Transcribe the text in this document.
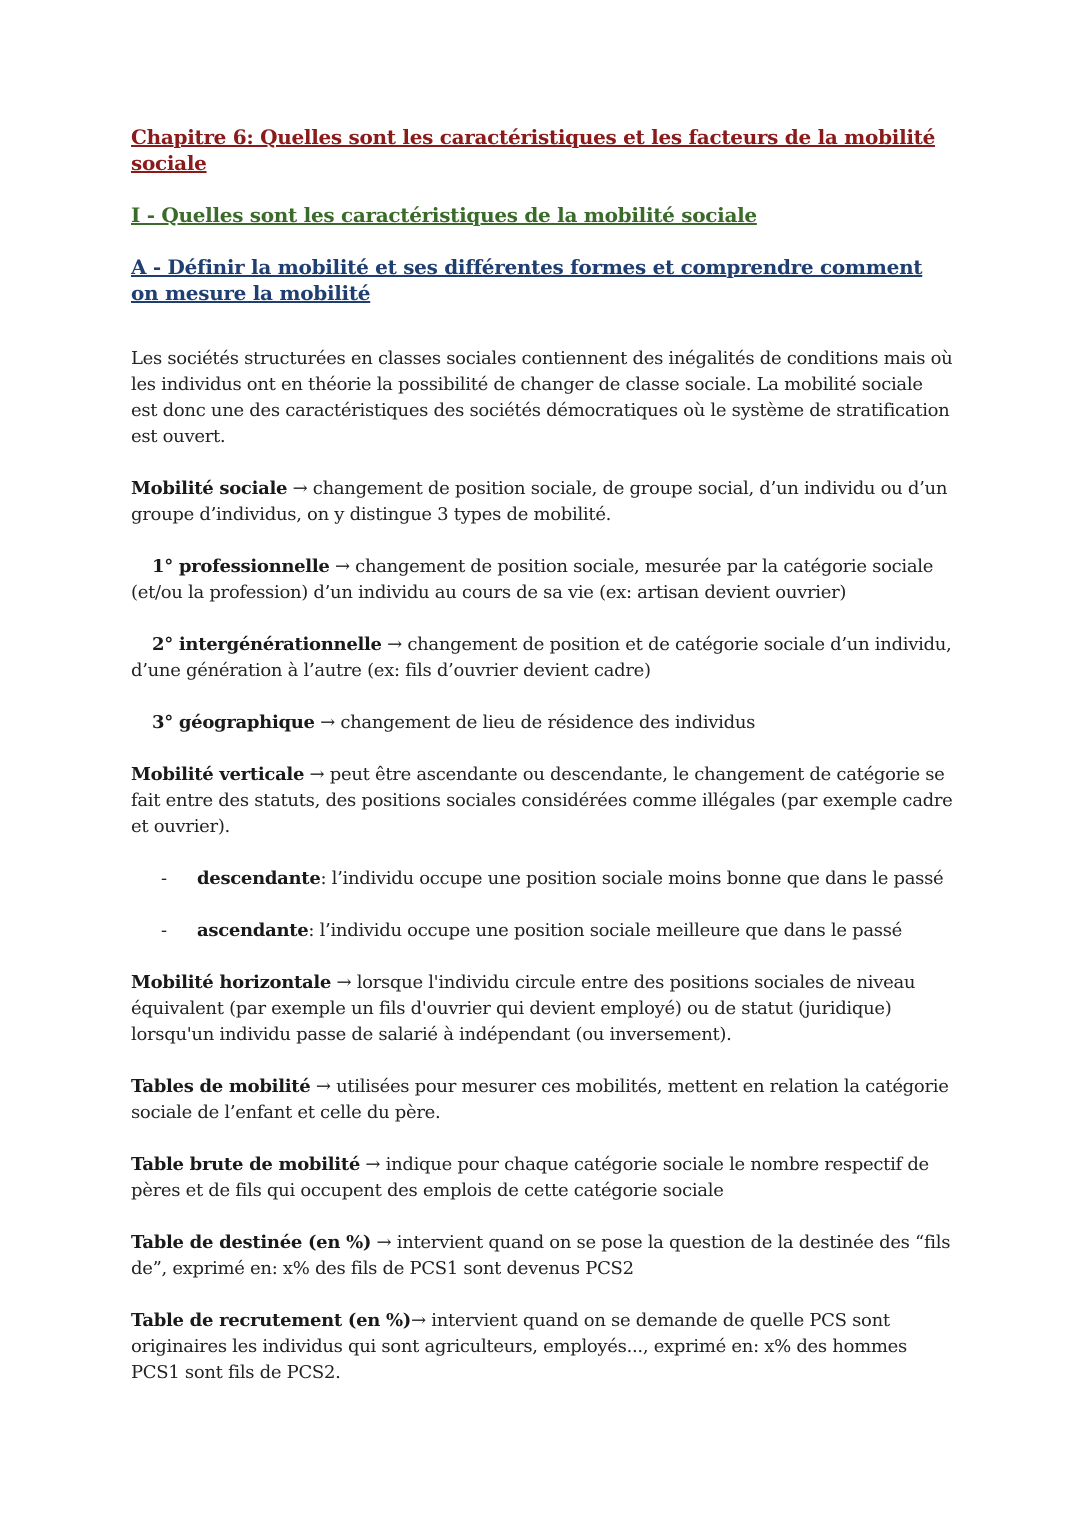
Chapitre 6: Quelles sont les caractéristiques et les facteurs de la mobilité sociale
I - Quelles sont les caractéristiques de la mobilité sociale
A - Définir la mobilité et ses différentes formes et comprendre comment on mesure la mobilité

Les sociétés structurées en classes sociales contiennent des inégalités de conditions mais où les individus ont en théorie la possibilité de changer de classe sociale. La mobilité sociale est donc une des caractéristiques des sociétés démocratiques où le système de stratification est ouvert.

Mobilité sociale → changement de position sociale, de groupe social, d’un individu ou d’un groupe d’individus, on y distingue 3 types de mobilité.

1° professionnelle → changement de position sociale, mesurée par la catégorie sociale (et/ou la profession) d’un individu au cours de sa vie (ex: artisan devient ouvrier)

2° intergénérationnelle → changement de position et de catégorie sociale d’un individu, d’une génération à l’autre (ex: fils d’ouvrier devient cadre)

3° géographique → changement de lieu de résidence des individus

Mobilité verticale → peut être ascendante ou descendante, le changement de catégorie se fait entre des statuts, des positions sociales considérées comme illégales (par exemple cadre et ouvrier).

- descendante: l’individu occupe une position sociale moins bonne que dans le passé
- ascendante: l’individu occupe une position sociale meilleure que dans le passé

Mobilité horizontale → lorsque l'individu circule entre des positions sociales de niveau équivalent (par exemple un fils d'ouvrier qui devient employé) ou de statut (juridique) lorsqu'un individu passe de salarié à indépendant (ou inversement).

Tables de mobilité → utilisées pour mesurer ces mobilités, mettent en relation la catégorie sociale de l’enfant et celle du père.

Table brute de mobilité → indique pour chaque catégorie sociale le nombre respectif de pères et de fils qui occupent des emplois de cette catégorie sociale

Table de destinée (en %) → intervient quand on se pose la question de la destinée des “fils de”, exprimé en: x% des fils de PCS1 sont devenus PCS2

Table de recrutement (en %)→ intervient quand on se demande de quelle PCS sont originaires les individus qui sont agriculteurs, employés..., exprimé en: x% des hommes PCS1 sont fils de PCS2.
